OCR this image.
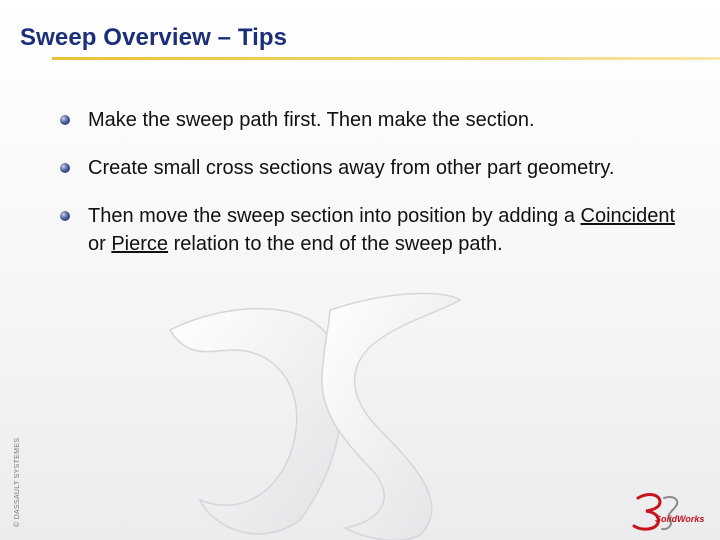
Sweep Overview – Tips
Make the sweep path first. Then make the section.
Create small cross sections away from other part geometry.
Then move the sweep section into position by adding a Coincident or Pierce relation to the end of the sweep path.
© DASSAULT SYSTEMES	SolidWorks
